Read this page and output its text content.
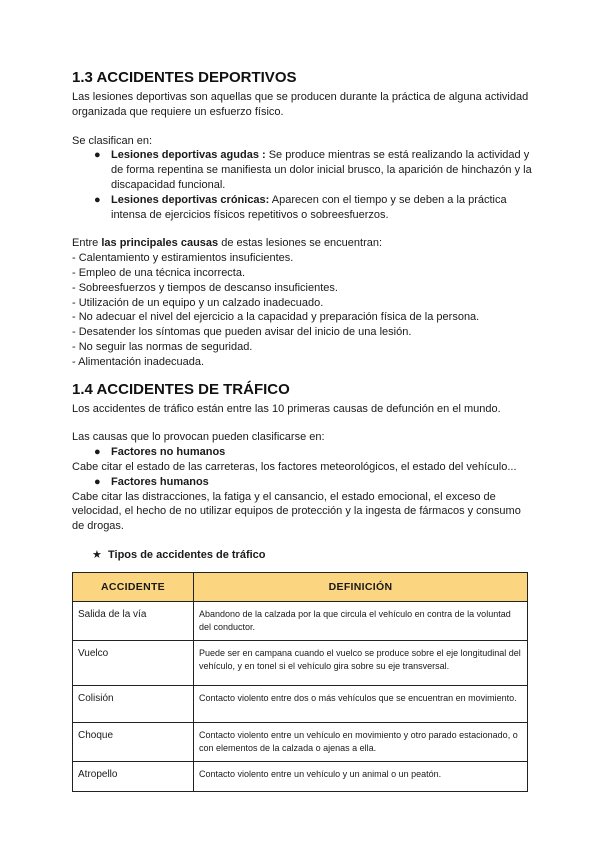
1.3 ACCIDENTES DEPORTIVOS

Las lesiones deportivas son aquellas que se producen durante la práctica de alguna actividad organizada que requiere un esfuerzo físico.

Se clasifican en:

● Lesiones deportivas agudas : Se produce mientras se está realizando la actividad y de forma repentina se manifiesta un dolor inicial brusco, la aparición de hinchazón y la discapacidad funcional.
● Lesiones deportivas crónicas: Aparecen con el tiempo y se deben a la práctica intensa de ejercicios físicos repetitivos o sobreesfuerzos.

Entre las principales causas de estas lesiones se encuentran:

- Calentamiento y estiramientos insuficientes.

- Empleo de una técnica incorrecta.

- Sobreesfuerzos y tiempos de descanso insuficientes.

- Utilización de un equipo y un calzado inadecuado.

- No adecuar el nivel del ejercicio a la capacidad y preparación física de la persona.

- Desatender los síntomas que pueden avisar del inicio de una lesión.

- No seguir las normas de seguridad.

- Alimentación inadecuada.

1.4 ACCIDENTES DE TRÁFICO

Los accidentes de tráfico están entre las 10 primeras causas de defunción en el mundo.

Las causas que lo provocan pueden clasificarse en:

● Factores no humanos

Cabe citar el estado de las carreteras, los factores meteorológicos, el estado del vehículo...

● Factores humanos

Cabe citar las distracciones, la fatiga y el cansancio, el estado emocional, el exceso de velocidad, el hecho de no utilizar equipos de protección y la ingesta de fármacos y consumo de drogas.

★ Tipos de accidentes de tráfico
ACCIDENTE	DEFINICIÓN
Salida de la vía	Abandono de la calzada por la que circula el vehículo en contra de la voluntad del conductor.
Vuelco	Puede ser en campana cuando el vuelco se produce sobre el eje longitudinal del vehículo, y en tonel si el vehículo gira sobre su eje transversal.
Colisión	Contacto violento entre dos o más vehículos que se encuentran en movimiento.
Choque	Contacto violento entre un vehículo en movimiento y otro parado estacionado, o con elementos de la calzada o ajenas a ella.
Atropello	Contacto violento entre un vehículo y un animal o un peatón.
